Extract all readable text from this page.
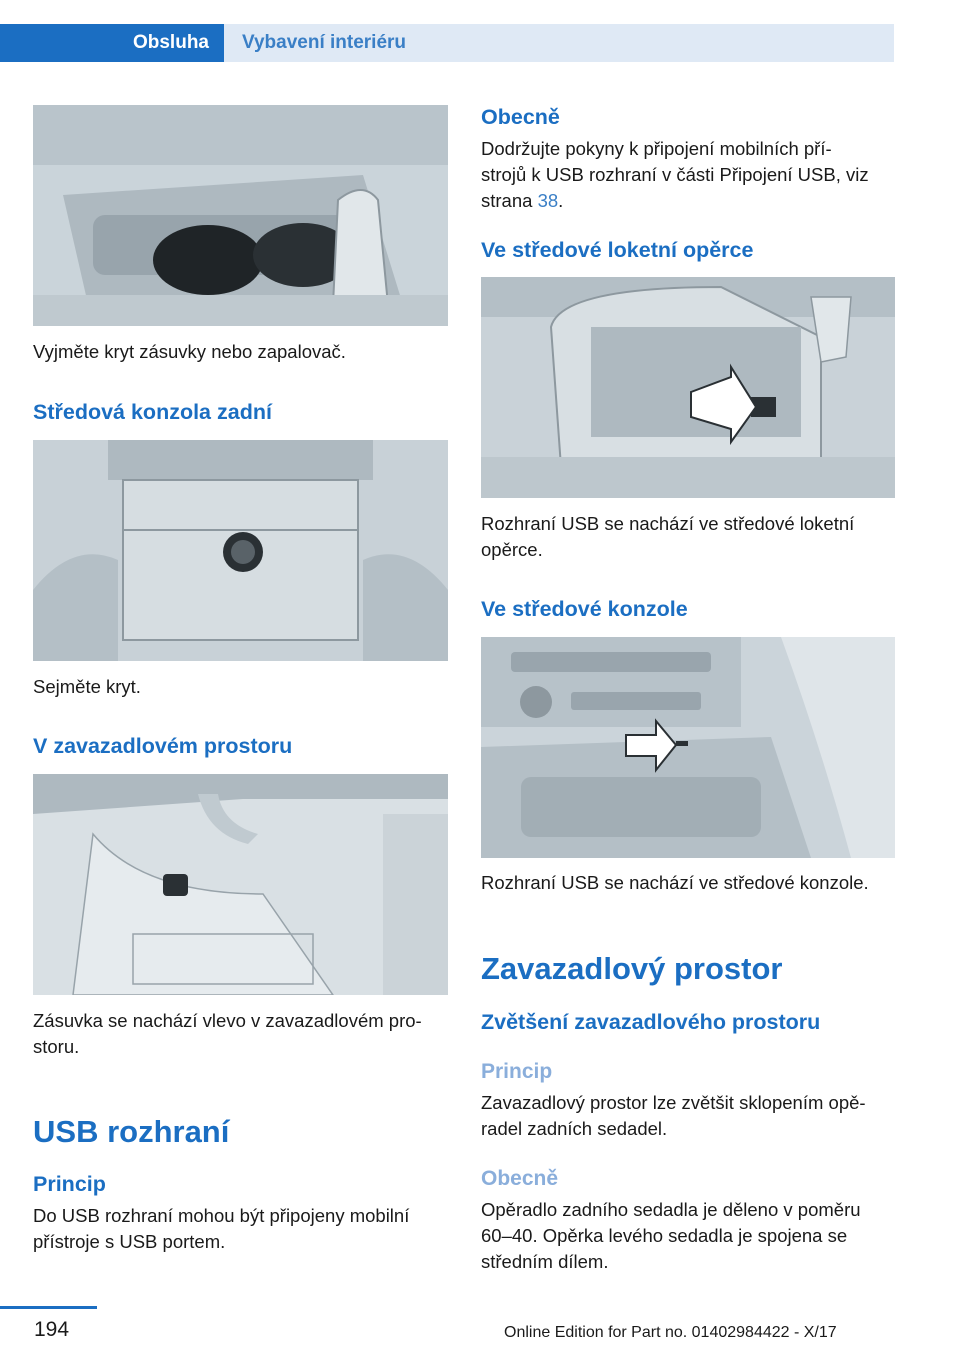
Obsluha	Vybavení interiéru

Vyjměte kryt zásuvky nebo zapalovač.

Středová konzola zadní

Sejměte kryt.

V zavazadlovém prostoru

Zásuvka se nachází vlevo v zavazadlovém pro‐

storu.

USB rozhraní
Princip

Do USB rozhraní mohou být připojeny mobilní

přístroje s USB portem.

Obecně

Dodržujte pokyny k připojení mobilních pří‐

strojů k USB rozhraní v části Připojení USB, viz

strana 38.

Ve středové loketní opěrce

Rozhraní USB se nachází ve středové loketní

opěrce.

Ve středové konzole

Rozhraní USB se nachází ve středové konzole.

Zavazadlový prostor
Zvětšení zavazadlového prostoru
Princip

Zavazadlový prostor lze zvětšit sklopením opě‐

radel zadních sedadel.

Obecně

Opěradlo zadního sedadla je děleno v poměru

60–40. Opěrka levého sedadla je spojena se

středním dílem.

194	Online Edition for Part no. 01402984422 - X/17
